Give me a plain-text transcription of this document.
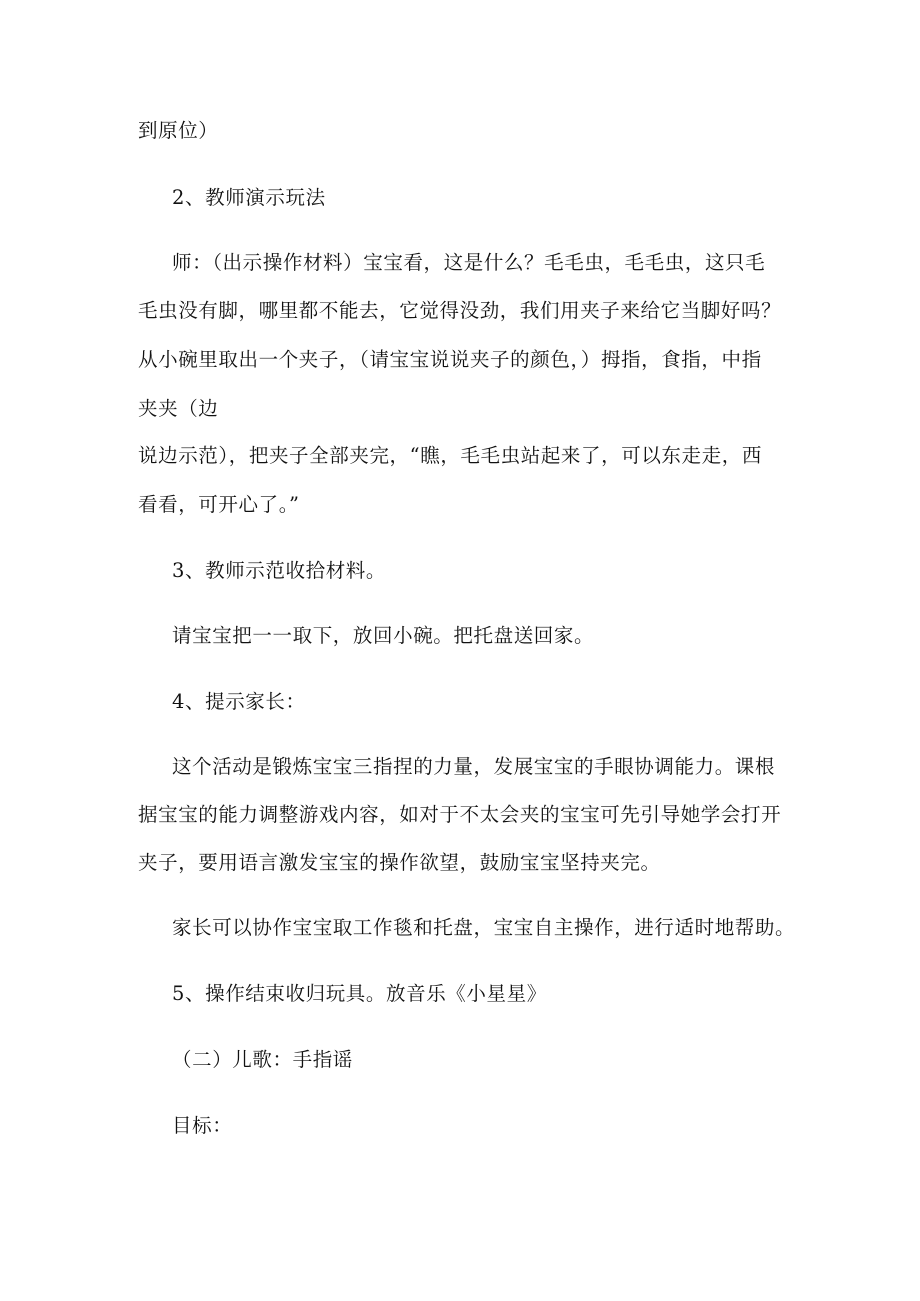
到原位）
2、教师演示玩法
师：（出示操作材料）宝宝看，这是什么？毛毛虫，毛毛虫，这只毛
毛虫没有脚，哪里都不能去，它觉得没劲，我们用夹子来给它当脚好吗？
从小碗里取出一个夹子，（请宝宝说说夹子的颜色，）拇指，食指，中指
夹夹（边
说边示范），把夹子全部夹完，“瞧，毛毛虫站起来了，可以东走走，西
看看，可开心了。”
3、教师示范收拾材料。
请宝宝把一一取下，放回小碗。把托盘送回家。
4、提示家长：
这个活动是锻炼宝宝三指捏的力量，发展宝宝的手眼协调能力。课根
据宝宝的能力调整游戏内容，如对于不太会夹的宝宝可先引导她学会打开
夹子，要用语言激发宝宝的操作欲望，鼓励宝宝坚持夹完。
家长可以协作宝宝取工作毯和托盘，宝宝自主操作，进行适时地帮助。
5、操作结束收归玩具。放音乐《小星星》
（二）儿歌：手指谣
目标：
